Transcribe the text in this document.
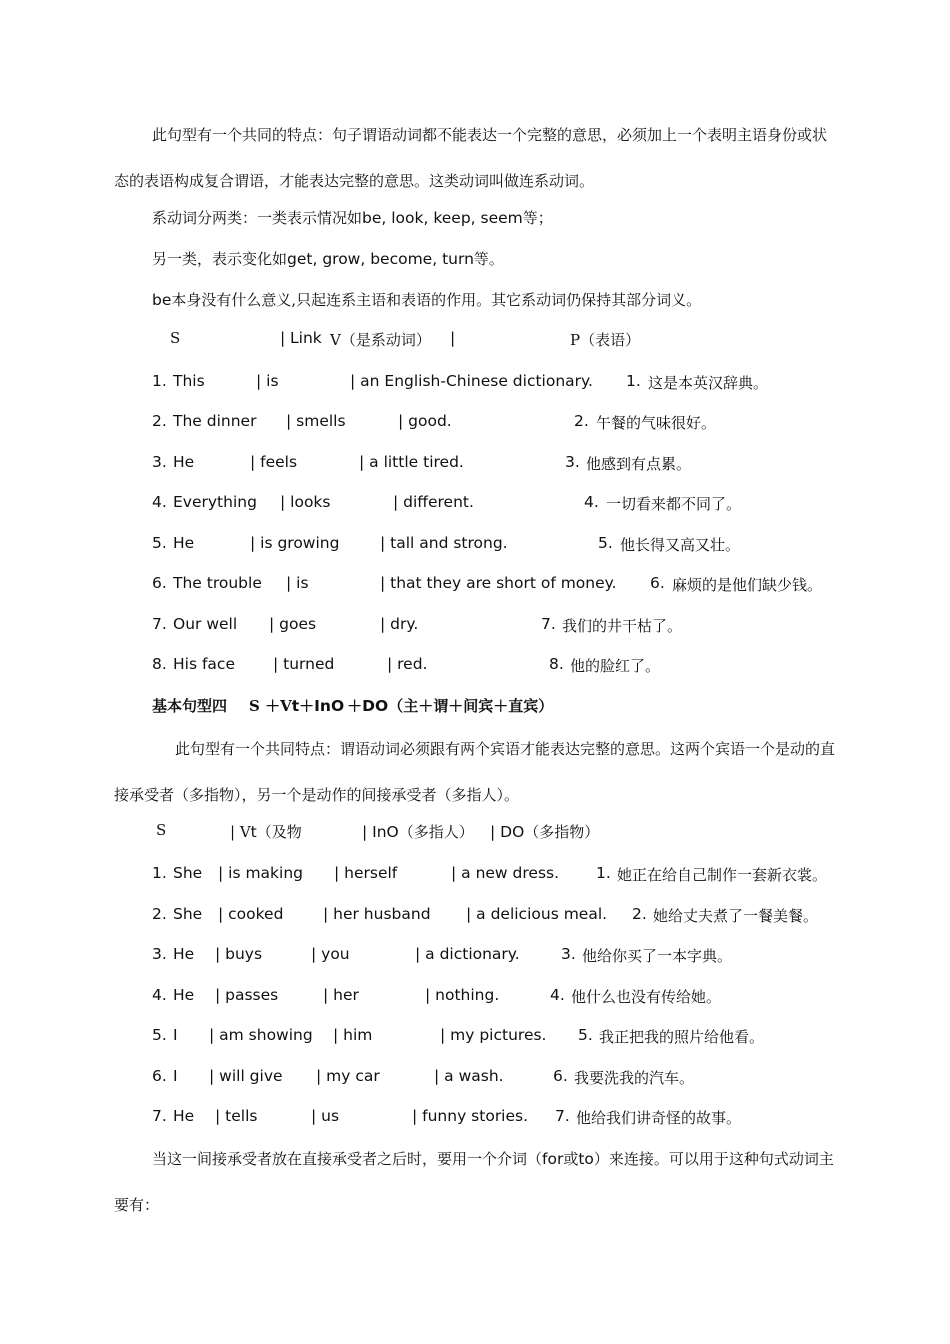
此句型有一个共同的特点：句子谓语动词都不能表达一个完整的意思，必须加上一个表明主语身份或状
态的表语构成复合谓语，才能表达完整的意思。这类动词叫做连系动词。
系动词分两类：一类表示情况如be, look, keep, seem等；
另一类，表示变化如get, grow, become, turn等。
be本身没有什么意义,只起连系主语和表语的作用。其它系动词仍保持其部分词义。
S	| Link V（是系动词） |	P（表语）
1. This	| is	| an English-Chinese dictionary. 1. 这是本英汉辞典。
2. The dinner | smells	| good.	2. 午餐的气味很好。
3. He	| feels	| a little tired.	3. 他感到有点累。
4. Everything | looks	| different.	4. 一切看来都不同了。
5. He	| is growing	| tall and strong.	5. 他长得又高又壮。
6. The trouble | is	| that they are short of money. 6. 麻烦的是他们缺少钱。
7. Our well | goes	| dry.	7. 我们的井干枯了。
8. His face | turned	| red.	8. 他的脸红了。
基本句型四 S ＋Vt＋InO ＋DO（主＋谓＋间宾＋直宾）
此句型有一个共同特点：谓语动词必须跟有两个宾语才能表达完整的意思。这两个宾语一个是动的直
接承受者（多指物），另一个是动作的间接承受者（多指人）。
S	| Vt（及物	| InO（多指人） | DO（多指物）
1. She | is making | herself	| a new dress. 1. 她正在给自己制作一套新衣裳。
2. She | cooked	| her husband | a delicious meal. 2. 她给丈夫煮了一餐美餐。
3. He | buys	| you	| a dictionary.	3. 他给你买了一本字典。
4. He | passes	| her	| nothing.	4. 他什么也没有传给她。
5. I | am showing | him	| my pictures. 5. 我正把我的照片给他看。
6. I | will give | my car	| a wash.	6. 我要洗我的汽车。
7. He | tells	| us	| funny stories. 7. 他给我们讲奇怪的故事。
当这一间接承受者放在直接承受者之后时，要用一个介词（for或to）来连接。可以用于这种句式动词主
要有：
